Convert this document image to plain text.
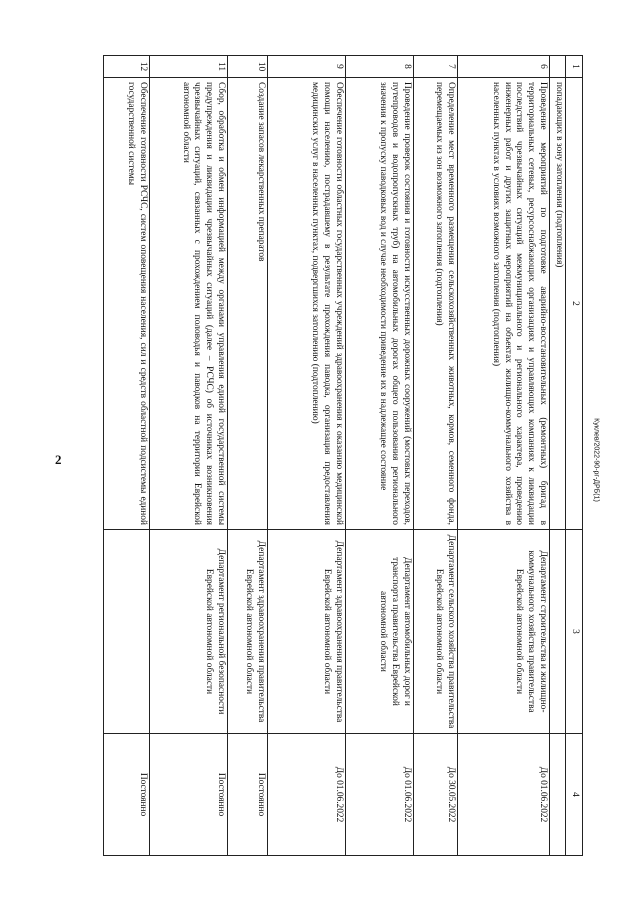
2	Куклев/2022-90-рг-ДРБ(1)
1	2	3	4
	попадающих в зону затопления (подтопления)		
6	Проведение мероприятий по подготовке аварийно-восстановительных (ремонтных) бригад в территориальных сетевых, ресурсоснабжающих организациях и управляющих компаниях к ликвидации последствий чрезвычайных ситуаций межмуниципального и регионального характера, проведению инженерных работ и других защитных мероприятий на объектах жилищно-коммунального хозяйства в населенных пунктах в условиях возможного затопления (подтопления)	Департамент строительства и жилищно-коммунального хозяйства правительства Еврейской автономной области	До 01.06.2022
7	Определение мест временного размещения сельскохозяйственных животных, кормов, семенного фонда, перемещаемых из зон возможного затопления (подтопления)	Департамент сельского хозяйства правительства Еврейской автономной области	До 30.05.2022
8	Проведение проверок состояния и готовности искусственных дорожных сооружений (мостовых переходов, путепроводов и водопропускных труб) на автомобильных дорогах общего пользования регионального значения к пропуску паводковых вод и случае необходимости приведение их в надлежащее состояние	Департамент автомобильных дорог и транспорта правительства Еврейской автономной области	До 01.06.2022
9	Обеспечение готовности областных государственных учреждений здравоохранения к оказанию медицинской помощи населению, пострадавшему в результате прохождения паводка, организация предоставления медицинских услуг в населенных пунктах, подвергшихся затоплению (подтоплению)	Департамент здравоохранения правительства Еврейской автономной области	До 01.06.2022
10	Создание запасов лекарственных препаратов	Департамент здравоохранения правительства Еврейской автономной области	Постоянно
11	Сбор, обработка и обмен информацией между органами управления единой государственной системы предупреждения и ликвидации чрезвычайных ситуаций (далее – РСЧС) об источниках возникновения чрезвычайных ситуаций, связанных с прохождением половодья и паводков на территории Еврейской автономной области	Департамент региональной безопасности Еврейской автономной области	Постоянно
12	Обеспечение готовности РСЧС, систем оповещения населения, сил и средств областной подсистемы единой государственной системы		Постоянно
